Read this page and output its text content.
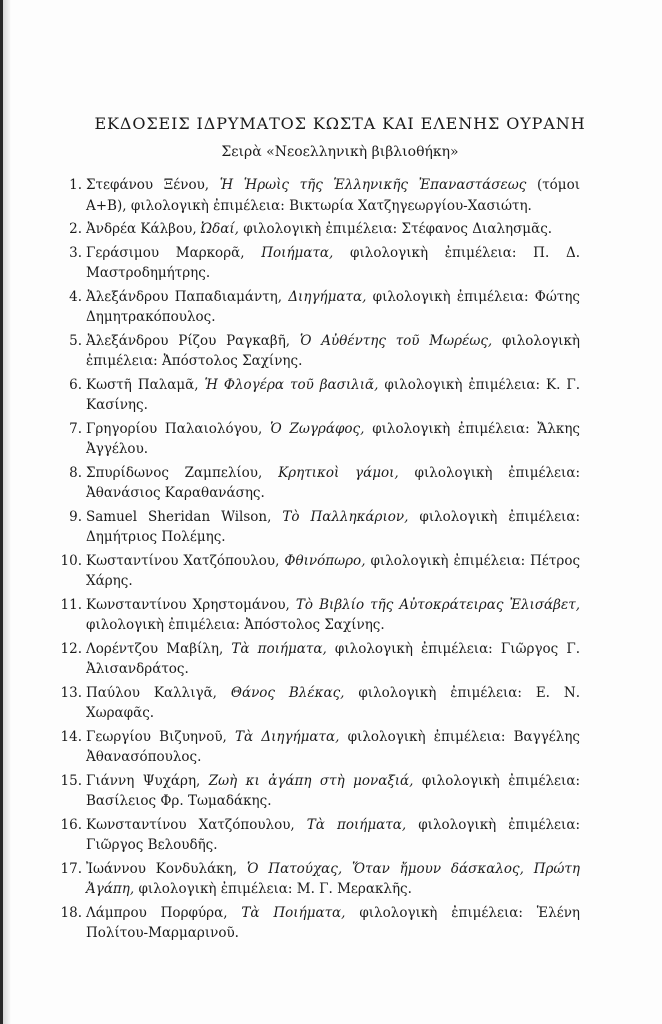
ΕΚΔΟΣΕΙΣ ΙΔΡΥΜΑΤΟΣ ΚΩΣΤΑ ΚΑΙ ΕΛΕΝΗΣ ΟΥΡΑΝΗ
Σειρὰ «Νεοελληνικὴ βιβλιοθήκη»
1. Στεφάνου Ξένου, Ἡ Ἡρωὶς τῆς Ἑλληνικῆς Ἐπαναστάσεως (τόμοι Α+Β), φιλολογικὴ ἐπιμέλεια: Βικτωρία Χατζηγεωργίου-Χασιώτη.
2. Ἀνδρέα Κάλβου, Ὠδαί, φιλολογικὴ ἐπιμέλεια: Στέφανος Διαλησμᾶς.
3. Γεράσιμου Μαρκορᾶ, Ποιήματα, φιλολογικὴ ἐπιμέλεια: Π. Δ. Μαστροδημήτρης.
4. Ἀλεξάνδρου Παπαδιαμάντη, Διηγήματα, φιλολογικὴ ἐπιμέλεια: Φώτης Δημητρακόπουλος.
5. Ἀλεξάνδρου Ρίζου Ραγκαβῆ, Ὁ Αὐθέντης τοῦ Μωρέως, φιλολογικὴ ἐπιμέλεια: Ἀπόστολος Σαχίνης.
6. Κωστῆ Παλαμᾶ, Ἡ Φλογέρα τοῦ βασιλιᾶ, φιλολογικὴ ἐπιμέλεια: Κ. Γ. Κασίνης.
7. Γρηγορίου Παλαιολόγου, Ὁ Ζωγράφος, φιλολογικὴ ἐπιμέλεια: Ἄλκης Ἀγγέλου.
8. Σπυρίδωνος Ζαμπελίου, Κρητικοὶ γάμοι, φιλολογικὴ ἐπιμέλεια: Ἀθανάσιος Καραθανάσης.
9. Samuel Sheridan Wilson, Τὸ Παλληκάριον, φιλολογικὴ ἐπιμέλεια: Δημήτριος Πολέμης.
10. Κωσταντίνου Χατζόπουλου, Φθινόπωρο, φιλολογικὴ ἐπιμέλεια: Πέτρος Χάρης.
11. Κωνσταντίνου Χρηστομάνου, Τὸ Βιβλίο τῆς Αὐτοκράτειρας Ἐλισάβετ, φιλολογικὴ ἐπιμέλεια: Ἀπόστολος Σαχίνης.
12. Λορέντζου Μαβίλη, Τὰ ποιήματα, φιλολογικὴ ἐπιμέλεια: Γιῶργος Γ. Ἀλισανδράτος.
13. Παύλου Καλλιγᾶ, Θάνος Βλέκας, φιλολογικὴ ἐπιμέλεια: Ε. Ν. Χωραφᾶς.
14. Γεωργίου Βιζυηνοῦ, Τὰ Διηγήματα, φιλολογικὴ ἐπιμέλεια: Βαγγέλης Ἀθανασόπουλος.
15. Γιάννη Ψυχάρη, Ζωὴ κι ἀγάπη στὴ μοναξιά, φιλολογικὴ ἐπιμέλεια: Βασίλειος Φρ. Τωμαδάκης.
16. Κωνσταντίνου Χατζόπουλου, Τὰ ποιήματα, φιλολογικὴ ἐπιμέλεια: Γιῶργος Βελουδῆς.
17. Ἰωάννου Κονδυλάκη, Ὁ Πατούχας, Ὅταν ἤμουν δάσκαλος, Πρώτη Ἀγάπη, φιλολογικὴ ἐπιμέλεια: Μ. Γ. Μερακλῆς.
18. Λάμπρου Πορφύρα, Τὰ Ποιήματα, φιλολογικὴ ἐπιμέλεια: Ἑλένη Πολίτου-Μαρμαρινοῦ.
